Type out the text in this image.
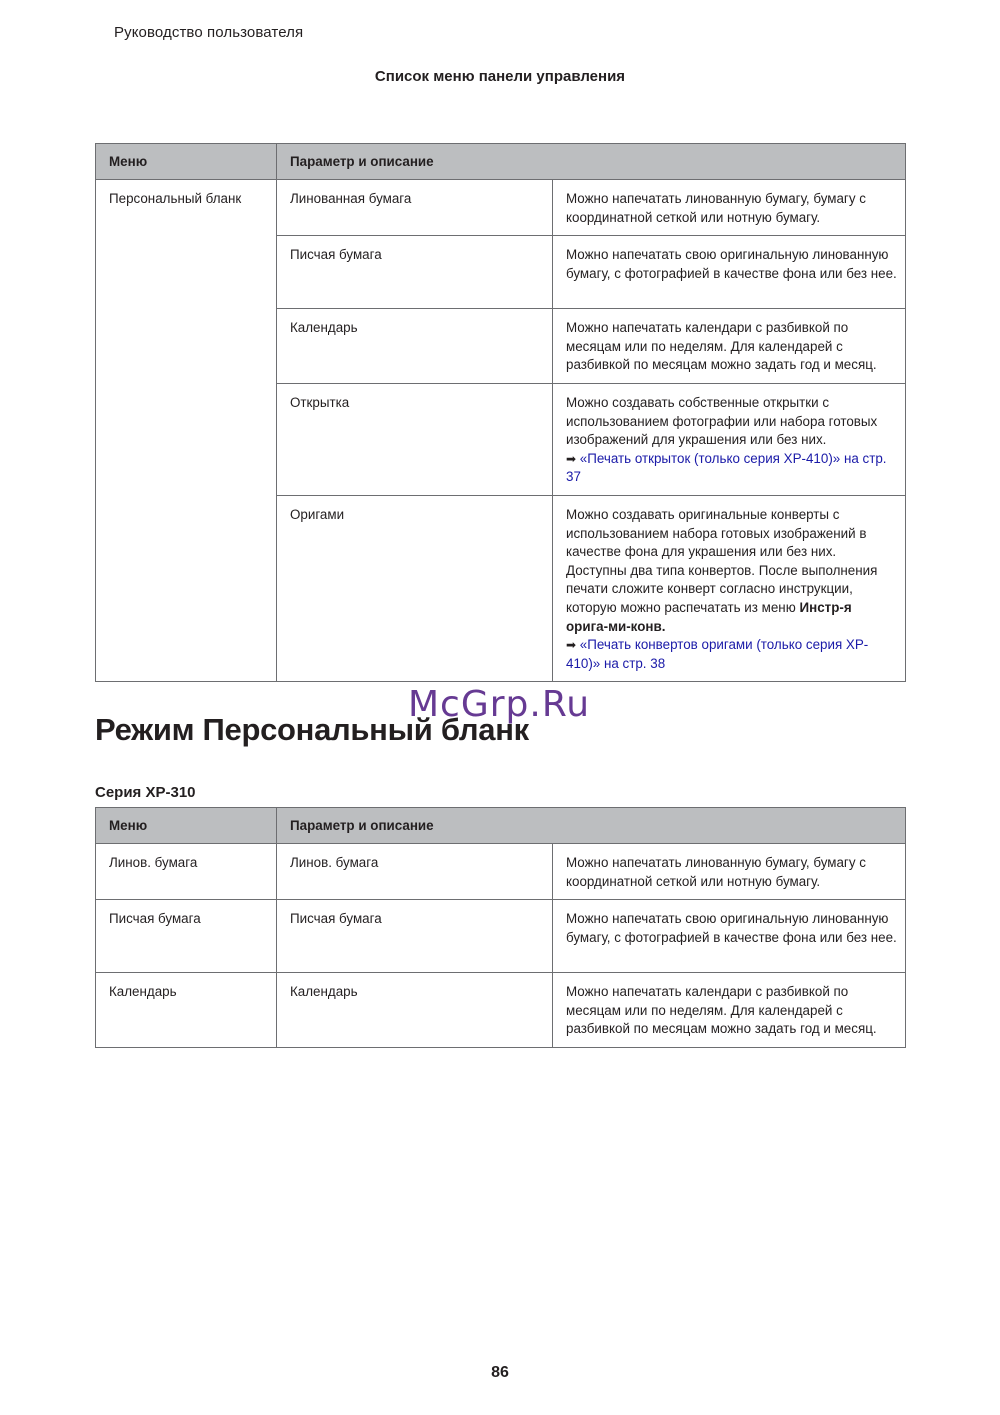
Руководство пользователя
Список меню панели управления
Меню	Параметр и описание	
Персональный бланк	Линованная бумага	Можно напечатать линованную бумагу, бумагу с координатной сеткой или нотную бумагу.
	Писчая бумага	Можно напечатать свою оригинальную линованную бумагу, с фотографией в качестве фона или без нее.
	Календарь	Можно напечатать календари с разбивкой по месяцам или по неделям. Для календарей с разбивкой по месяцам можно задать год и месяц.
	Открытка	Можно создавать собственные открытки с использованием фотографии или набора готовых изображений для украшения или без них.
➡ «Печать открыток (только серия XP-410)» на стр. 37

	Оригами	Можно создавать оригинальные конверты с использованием набора готовых изображений в качестве фона для украшения или без них. Доступны два типа конвертов. После выполнения печати сложите конверт согласно инструкции, которую можно распечатать из меню Инстр-я орига-ми-конв.
➡ «Печать конвертов оригами (только серия XP-410)» на стр. 38
McGrp.Ru
Режим Персональный бланк
Серия XP-310
Меню	Параметр и описание	
Линов. бумага	Линов. бумага	Можно напечатать линованную бумагу, бумагу с координатной сеткой или нотную бумагу.
Писчая бумага	Писчая бумага	Можно напечатать свою оригинальную линованную бумагу, с фотографией в качестве фона или без нее.
Календарь	Календарь	Можно напечатать календари с разбивкой по месяцам или по неделям. Для календарей с разбивкой по месяцам можно задать год и месяц.
86
